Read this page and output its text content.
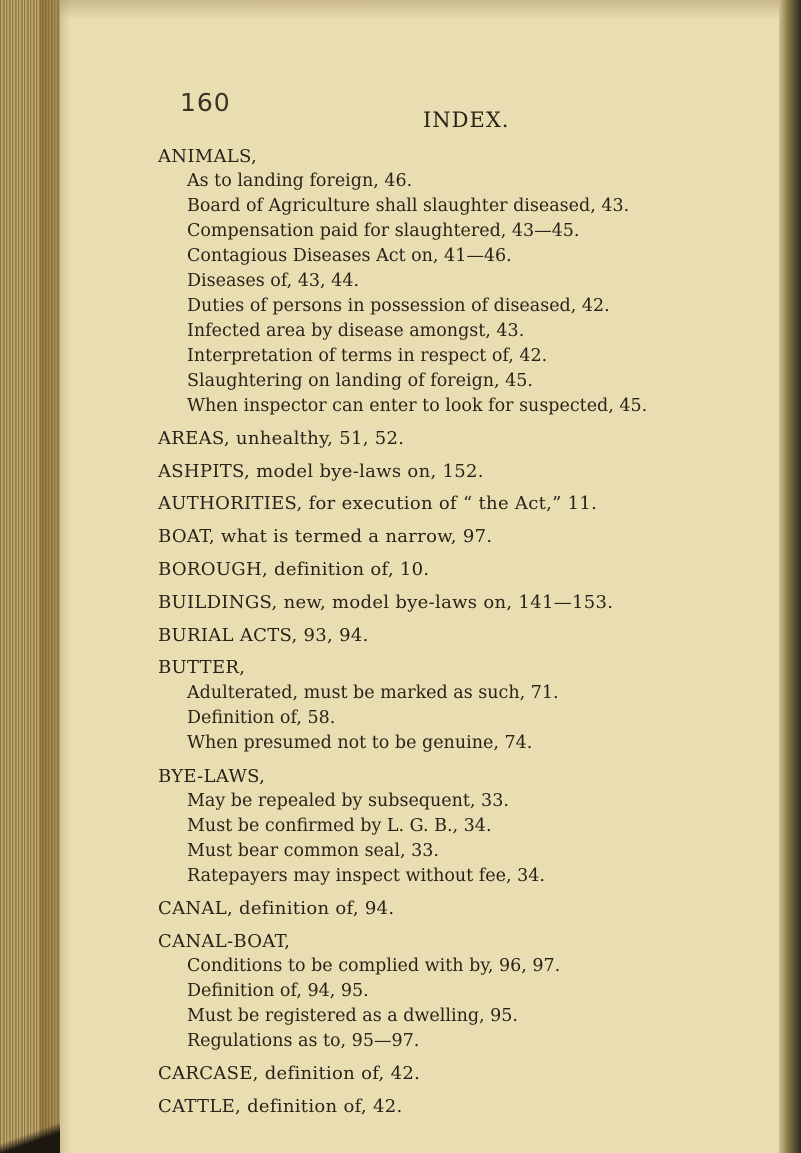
160
INDEX.
ANIMALS,
As to landing foreign, 46.
Board of Agriculture shall slaughter diseased, 43.
Compensation paid for slaughtered, 43—45.
Contagious Diseases Act on, 41—46.
Diseases of, 43, 44.
Duties of persons in possession of diseased, 42.
Infected area by disease amongst, 43.
Interpretation of terms in respect of, 42.
Slaughtering on landing of foreign, 45.
When inspector can enter to look for suspected, 45.
AREAS, unhealthy, 51, 52.
ASHPITS, model bye-laws on, 152.
AUTHORITIES, for execution of “ the Act,” 11.
BOAT, what is termed a narrow, 97.
BOROUGH, definition of, 10.
BUILDINGS, new, model bye-laws on, 141—153.
BURIAL ACTS, 93, 94.
BUTTER,
Adulterated, must be marked as such, 71.
Definition of, 58.
When presumed not to be genuine, 74.
BYE-LAWS,
May be repealed by subsequent, 33.
Must be confirmed by L. G. B., 34.
Must bear common seal, 33.
Ratepayers may inspect without fee, 34.
CANAL, definition of, 94.
CANAL-BOAT,
Conditions to be complied with by, 96, 97.
Definition of, 94, 95.
Must be registered as a dwelling, 95.
Regulations as to, 95—97.
CARCASE, definition of, 42.
CATTLE, definition of, 42.
